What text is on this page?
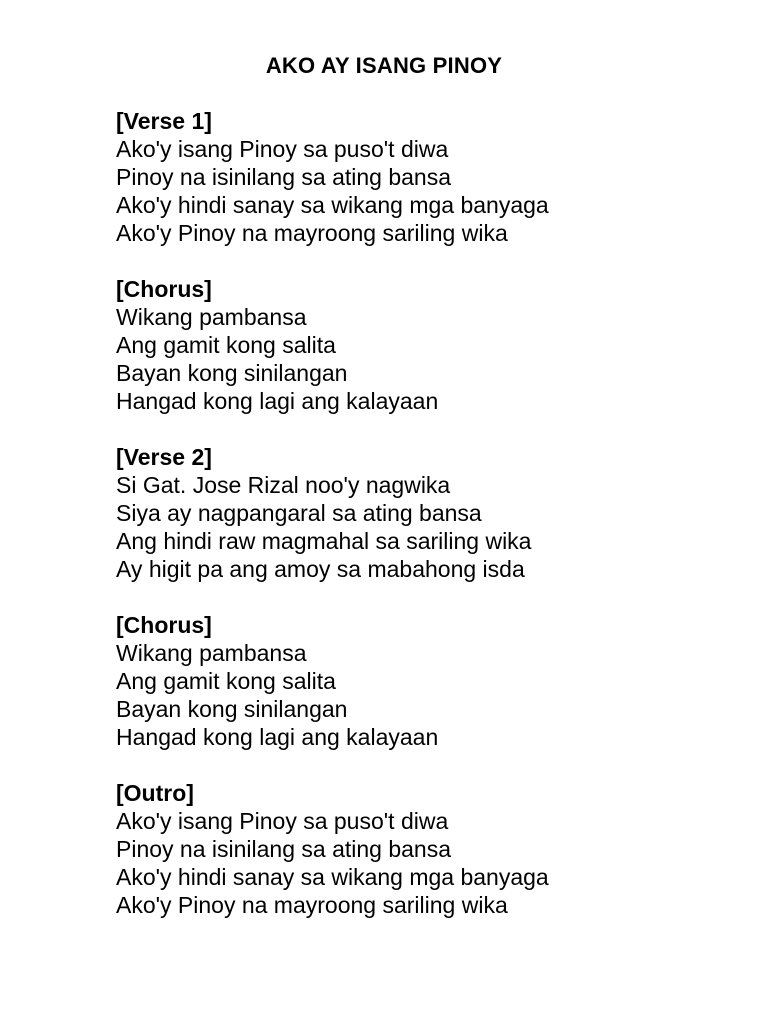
AKO AY ISANG PINOY
[Verse 1]
Ako'y isang Pinoy sa puso't diwa
Pinoy na isinilang sa ating bansa
Ako'y hindi sanay sa wikang mga banyaga
Ako'y Pinoy na mayroong sariling wika
[Chorus]
Wikang pambansa
Ang gamit kong salita
Bayan kong sinilangan
Hangad kong lagi ang kalayaan
[Verse 2]
Si Gat. Jose Rizal noo'y nagwika
Siya ay nagpangaral sa ating bansa
Ang hindi raw magmahal sa sariling wika
Ay higit pa ang amoy sa mabahong isda
[Chorus]
Wikang pambansa
Ang gamit kong salita
Bayan kong sinilangan
Hangad kong lagi ang kalayaan
[Outro]
Ako'y isang Pinoy sa puso't diwa
Pinoy na isinilang sa ating bansa
Ako'y hindi sanay sa wikang mga banyaga
Ako'y Pinoy na mayroong sariling wika
